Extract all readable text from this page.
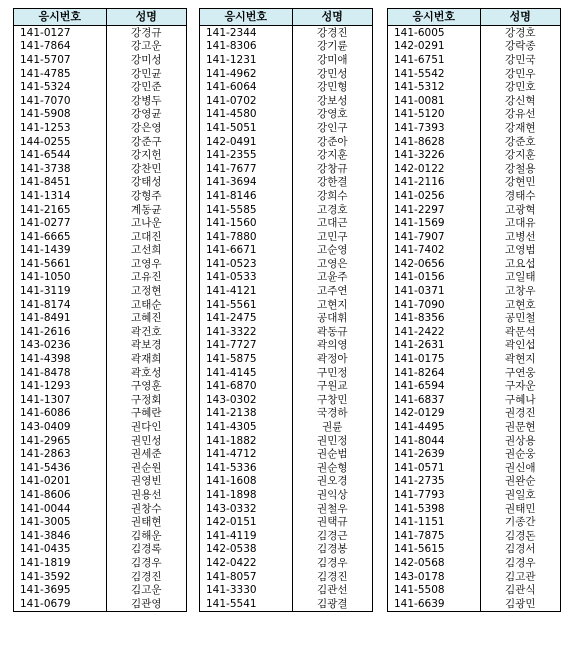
응시번호	성명
141-0127	강경규
141-7864	강고운
141-5707	강미성
141-4785	강민균
141-5324	강민준
141-7070	강병두
141-5908	강영균
141-1253	강은영
144-0255	강준구
141-6544	강지헌
141-3738	강찬민
141-8451	강태성
141-1314	강형주
141-2165	계동균
141-0277	고나운
141-6665	고대진
141-1439	고선희
141-5661	고영우
141-1050	고유진
141-3119	고정현
141-8174	고태순
141-8491	고혜진
141-2616	곽건호
143-0236	곽보경
141-4398	곽재희
141-8478	곽호성
141-1293	구영훈
141-1307	구정회
141-6086	구혜란
143-0409	권다인
141-2965	권민성
141-2863	권세준
141-5436	권순원
141-0201	권영빈
141-8606	권용선
141-0044	권창수
141-3005	권태현
141-3846	김해운
141-0435	김경록
141-1819	김경우
141-3592	김경진
141-3695	김고운
141-0679	김관영
응시번호	성명
141-2344	강경진
141-8306	강기륜
141-1231	강미애
141-4962	강민성
141-6064	강민형
141-0702	강보성
141-4580	강영호
141-5051	강인구
142-0491	강준아
141-2355	강지훈
141-7677	강창규
141-3694	강한결
141-8146	강희수
141-5585	고경호
141-1560	고대근
141-7880	고민구
141-6671	고순영
141-0523	고영은
141-0533	고윤주
141-4121	고주연
141-5561	고현지
141-2475	공대휘
141-3322	곽동규
141-7727	곽의영
141-5875	곽정아
141-4145	구민정
141-6870	구원교
143-0302	구창민
141-2138	국경하
141-4305	권륜
141-1882	권민정
141-4712	권순범
141-5336	권순형
141-1608	권오경
141-1898	권익상
143-0332	권철우
142-0151	권택규
141-4119	김경근
142-0538	김경봉
142-0422	김경우
141-8057	김경진
141-3330	김관선
141-5541	김광결
응시번호	성명
141-6005	강경호
142-0291	강락종
141-6751	강민국
141-5542	강민우
141-5312	강민호
141-0081	강신혁
141-5120	강유선
141-7393	강재현
141-8628	강준호
141-3226	강지훈
142-0122	강철용
141-2116	강현민
141-0256	경태수
141-2297	고광혁
141-1569	고대유
141-7907	고병선
141-7402	고영범
142-0656	고요섭
141-0156	고일태
141-0371	고창우
141-7090	고현호
141-8356	공민철
141-2422	곽문석
141-2631	곽인섭
141-0175	곽현지
141-8264	구연웅
141-6594	구자운
141-6837	구혜나
142-0129	권경진
141-4495	권문현
141-8044	권상용
141-2639	권순웅
141-0571	권신애
141-2735	권완순
141-7793	권일호
141-5398	권태민
141-1151	기종간
141-7875	김경돈
141-5615	김경서
142-0568	김경우
143-0178	김고관
141-5508	김관식
141-6639	김광민
